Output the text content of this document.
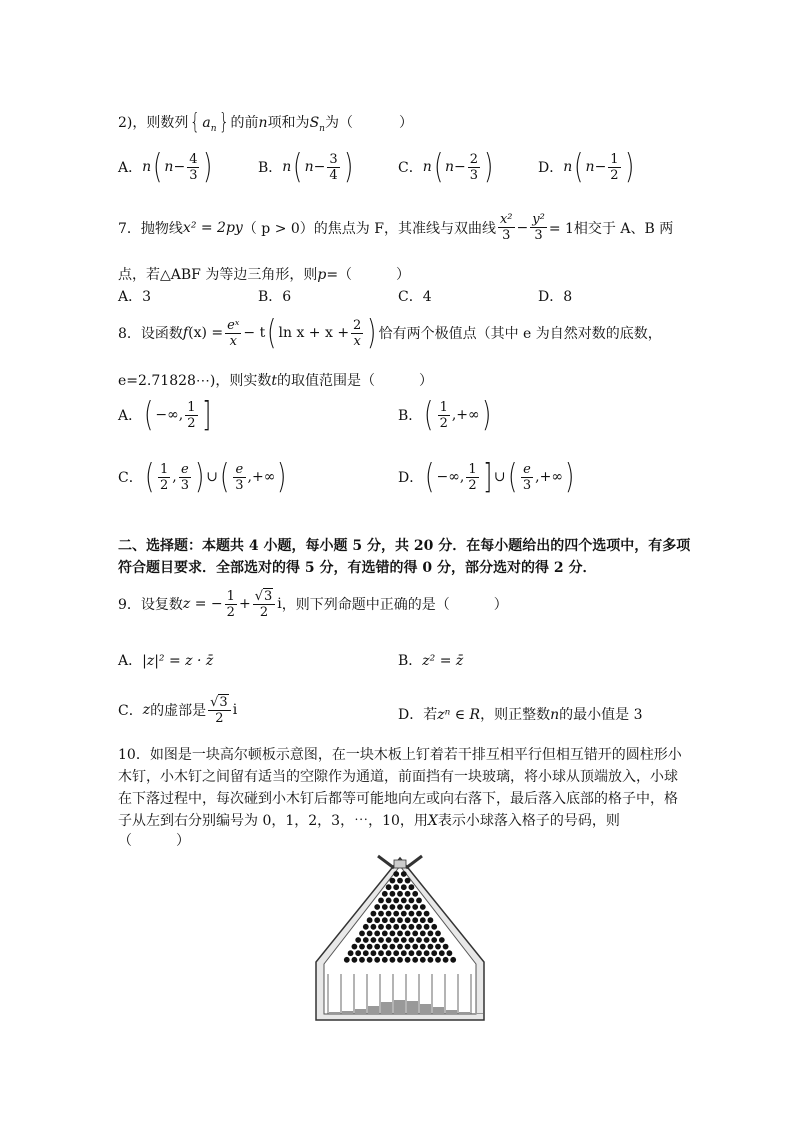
2)，则数列{ $a_n$} 的前n项和为$S_n$为（	）
A． n ( n − 4
3 )	B． n ( n − 3
4 )	C． n ( n − 2
3 )	D． n ( n − 1
2 )
7．抛物线 x² = 2py （ p > 0）的焦点为 F，其准线与双曲线
x²
$3 - \frac{\text{y²}}{3} = 1$相交于 A、B 两
点，若△ABF 为等边三角形，则p=（	）
A．3	B．6	C．4	D．8
8．设函数 f $(x) = \frac{\text{eˣ}}{x} - t$ ( $\ln x + x + \frac{2}{x}$ ) 恰有两个极值点（其中 e 为自然对数的底数，
e=2.71828⋯)，则实数t的取值范围是（	）
A． ( −∞, 1
2 ]	B． ( 1
2 ,+∞ )
C． ( 1
2 , e
3 ) ∪ ( e
3 ,+∞ )	D． ( −∞, 1
2 ] ∪ ( e
3 ,+∞ )
二、选择题：本题共 4 小题，每小题 5 分，共 20 分．在每小题给出的四个选项中，有多项
符合题目要求．全部选对的得 5 分，有选错的得 0 分，部分选对的得 2 分．
9．设复数 z = − $\frac{1}{2} + \frac{√3}{2}$ i ，则下列命题中正确的是（	）
A．|z|² = z · z̄	B．z² = z̄
C． z 的虚部是
√3
2
i	D．若zⁿ ∈ R，则正整数n的最小值是 3
10．如图是一块高尔顿板示意图，在一块木板上钉着若干排互相平行但相互错开的圆柱形小
木钉，小木钉之间留有适当的空隙作为通道，前面挡有一块玻璃，将小球从顶端放入，小球
在下落过程中，每次碰到小木钉后都等可能地向左或向右落下，最后落入底部的格子中，格
子从左到右分别编号为 0，1，2，3，⋯，10，用X表示小球落入格子的号码，则
（	）
